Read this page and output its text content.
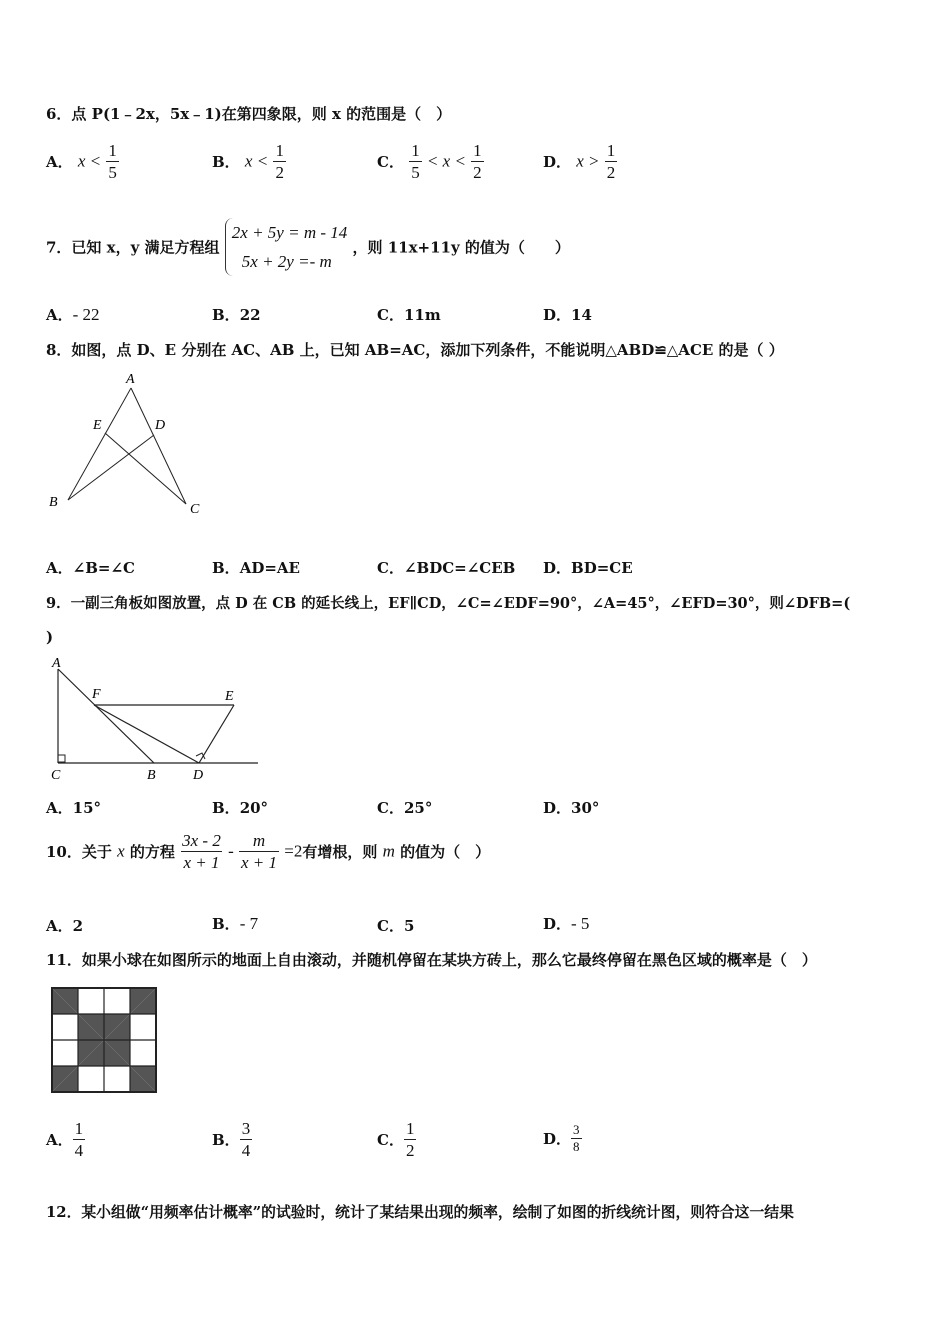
6．点 P(1﹣2x，5x﹣1)在第四象限，则 x 的范围是（　）
A． $x < \frac{1}{5}$	B． $x < \frac{1}{2}$	C． $\frac{1}{5} < x < \frac{1}{2}$	D． $x > \frac{1}{2}$
7．已知 x，y 满足方程组 2x + 5y = m - 14
5x + 2y =- m ，则 11x+11y 的值为（　　）
A．- 22	B．22	C．11m	D．14
8．如图，点 D、E 分别在 AC、AB 上，已知 AB=AC，添加下列条件，不能说明△ABD≌△ACE 的是（ ）
A
E	D
B	C
A．∠B=∠C	B．AD=AE	C．∠BDC=∠CEB D．BD=CE
9．一副三角板如图放置，点 D 在 CB 的延长线上，EF∥CD，∠C=∠EDF=90°，∠A=45°，∠EFD=30°，则∠DFB=(
)
A
F	E
C	B	D
A．15°	B．20°	C．25°	D．30°
10．关于 x 的方程 $\frac{3x - 2}{x + 1} - \frac{m}{x + 1} =2$有增根，则 m 的值为（　）
A．2	B．- 7	C．5	D．- 5
11．如果小球在如图所示的地面上自由滚动，并随机停留在某块方砖上，那么它最终停留在黑色区域的概率是（　）
A． $\frac{1}{4}$	B． $\frac{3}{4}$	C． $\frac{1}{2}$	D． $\frac{3}{8}$
12．某小组做“用频率估计概率”的试验时，统计了某结果出现的频率，绘制了如图的折线统计图，则符合这一结果
